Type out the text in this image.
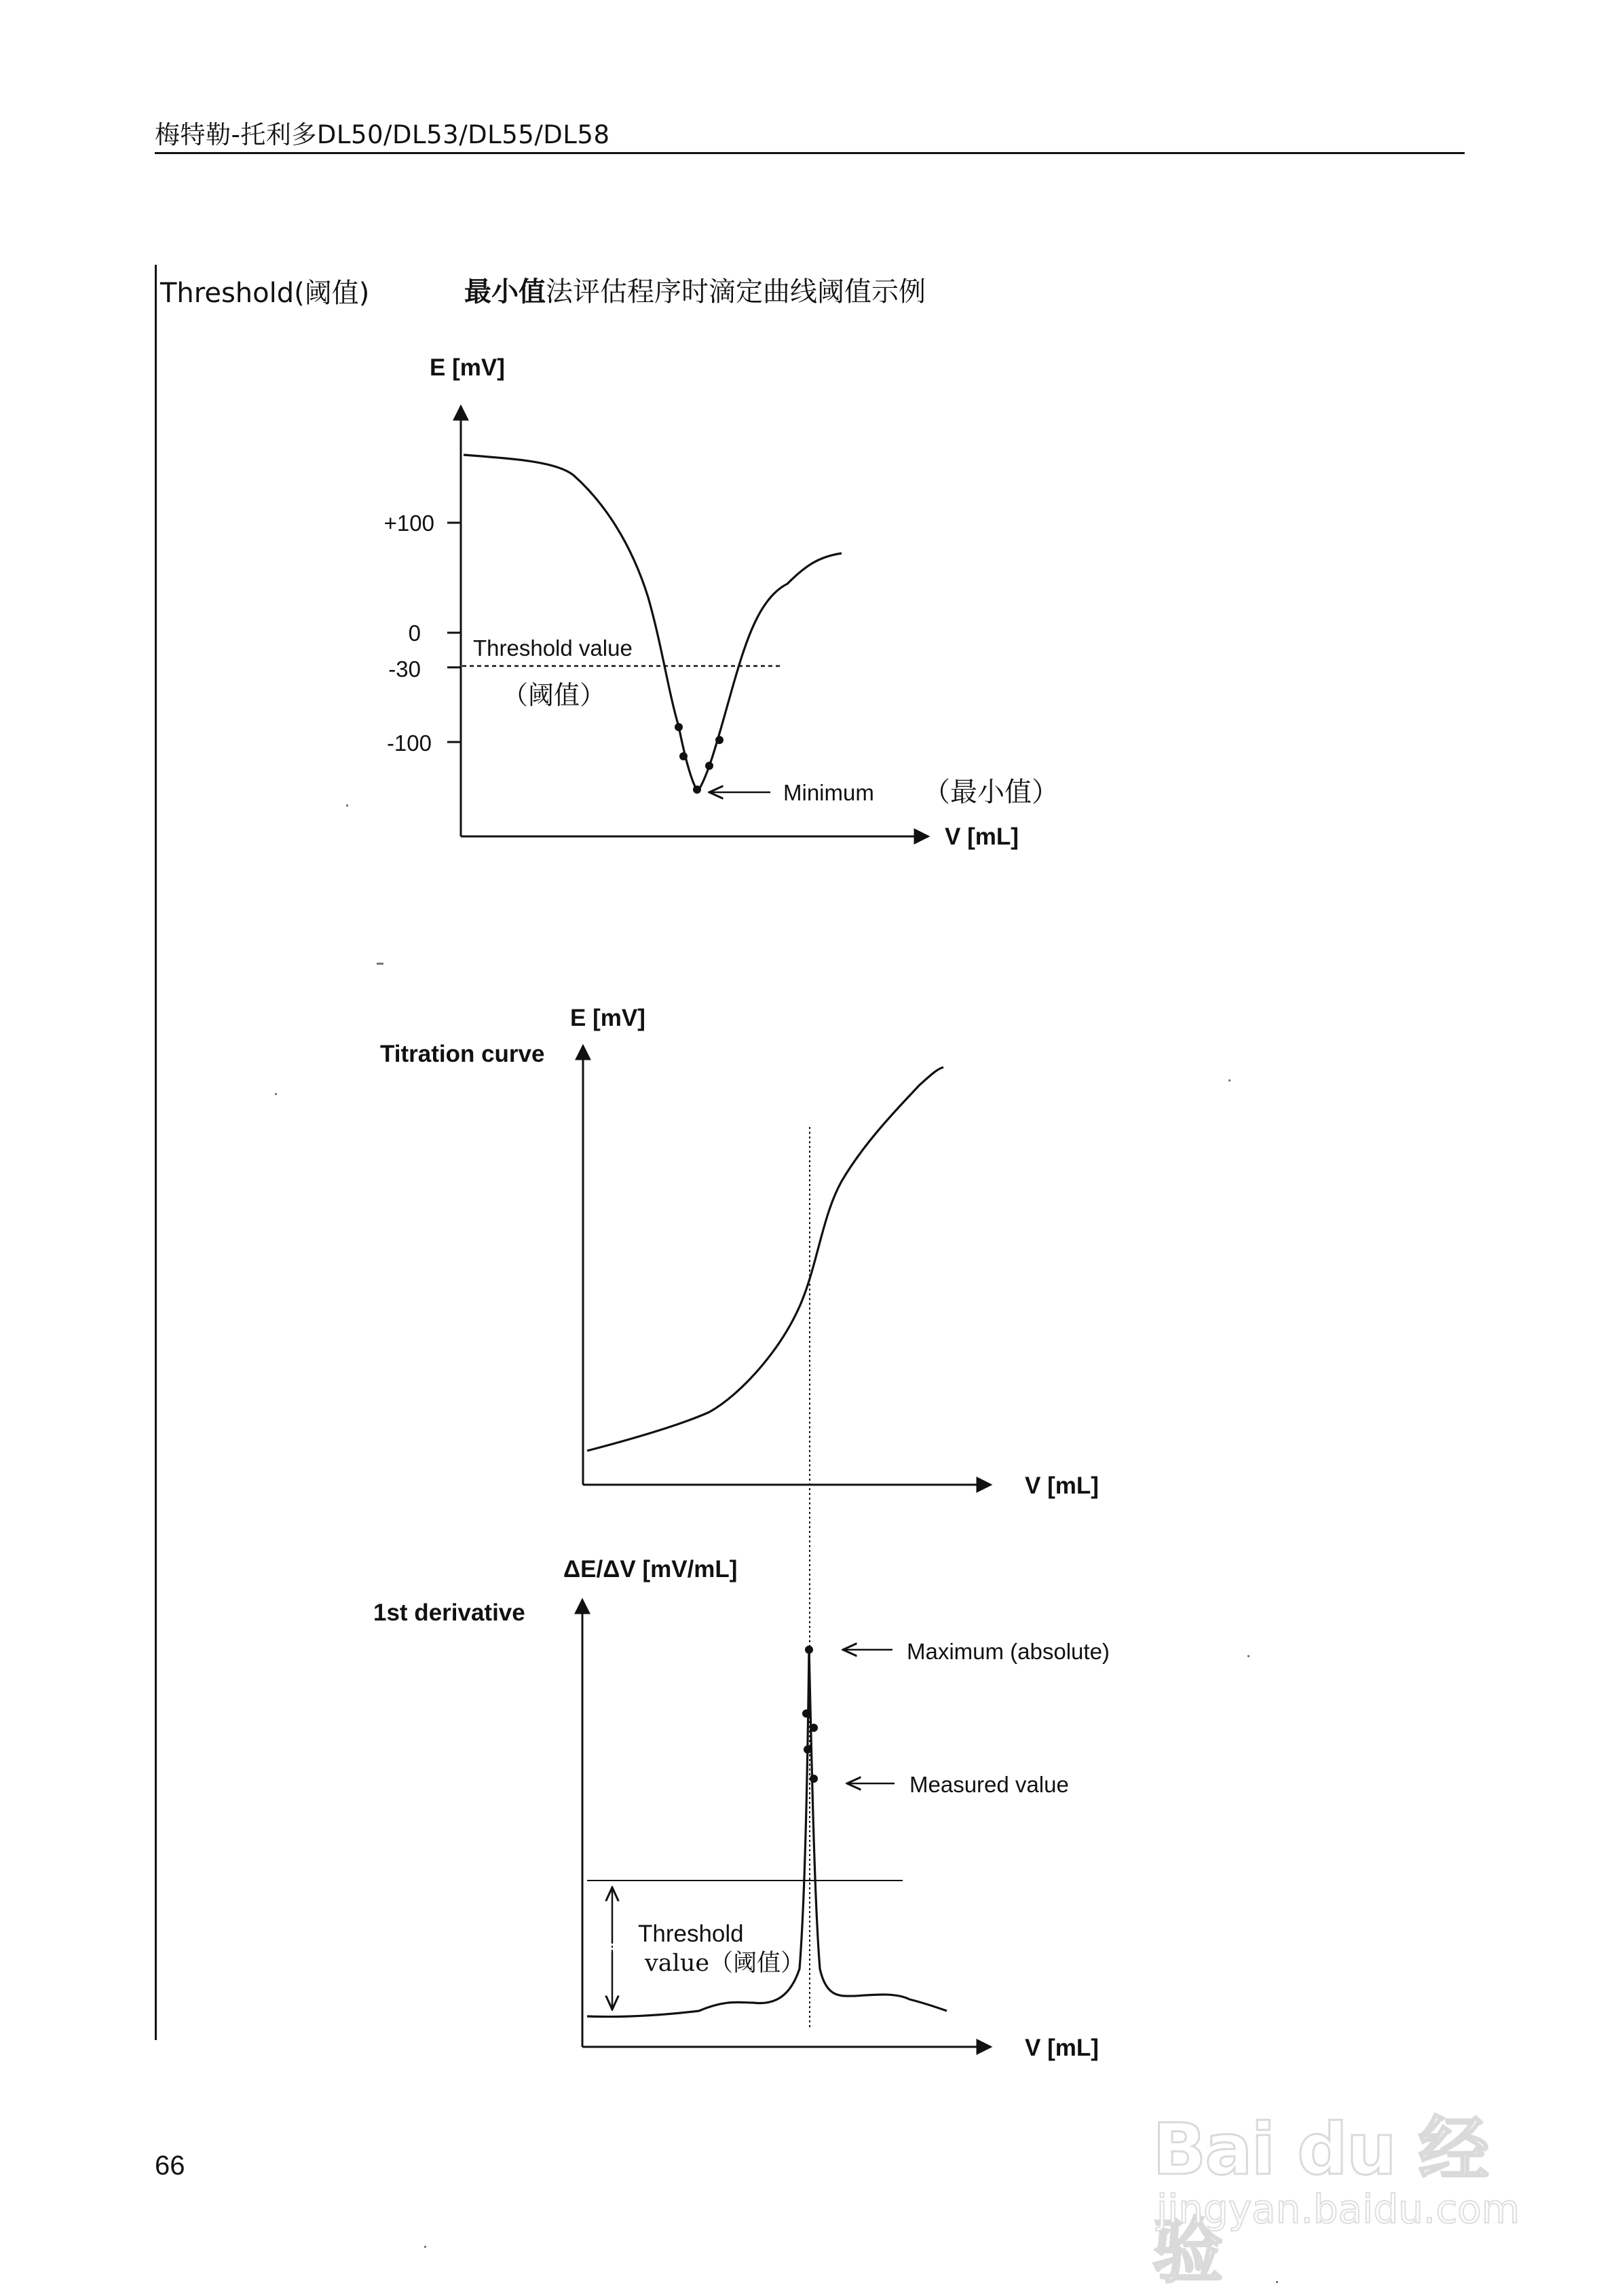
梅特勒-托利多DL50/DL53/DL55/DL58
Threshold(阈值)	最小值法评估程序时滴定曲线阈值示例
E [mV]
V [mL]
+100
0
-30
-100
Threshold value
（阈值）
Minimum （最小值）
E [mV]
Titration curve
V [mL]
ΔE/ΔV [mV/mL]
1st derivative
V [mL]
Threshold
value（阈值）
Maximum (absolute)
Measured value
66	Bai du 经验
jingyan.baidu.com
